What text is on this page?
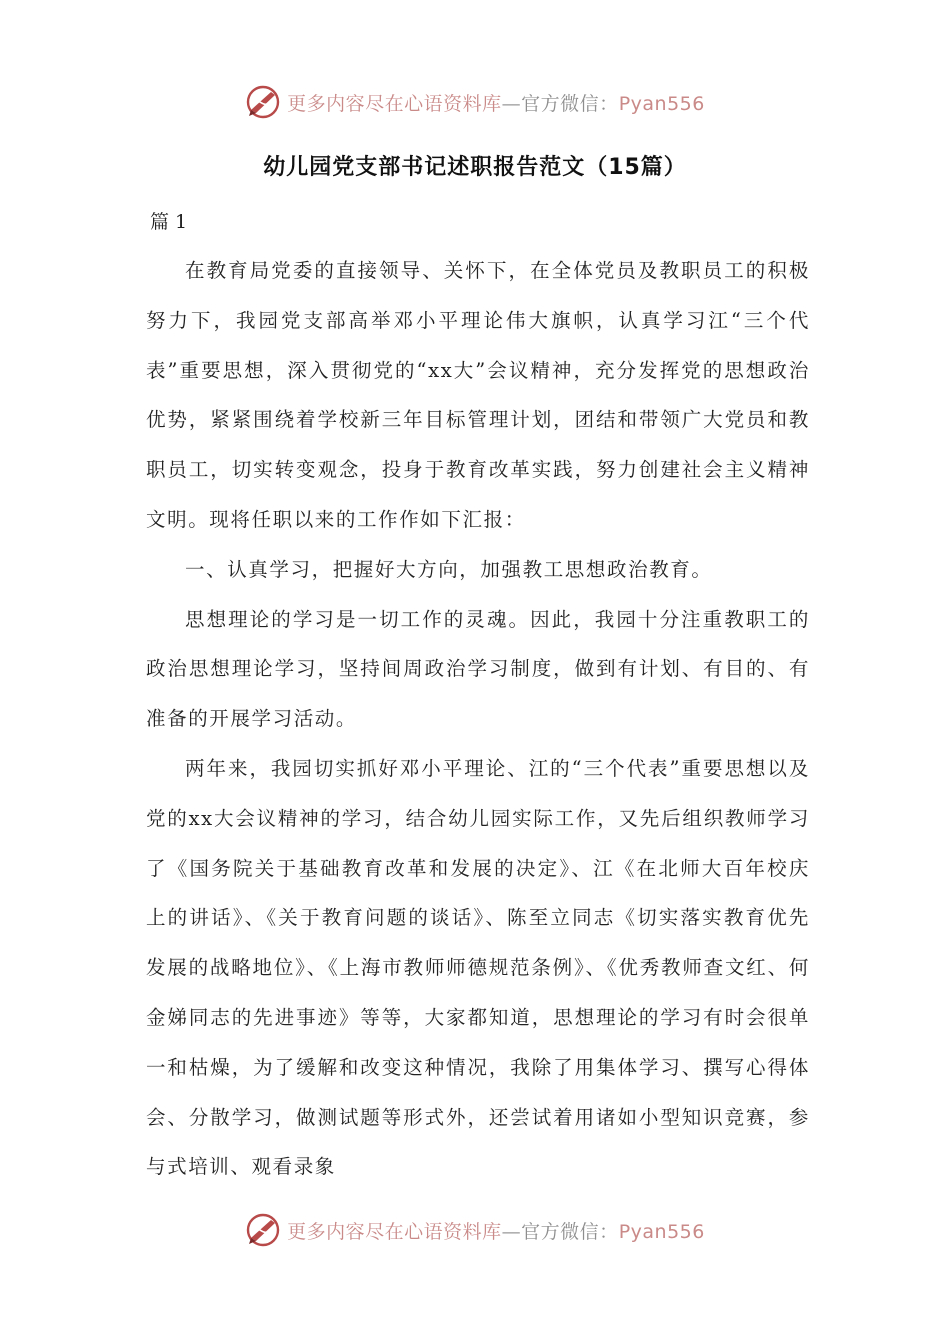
更多内容尽在心语资料库—官方微信：Pyan556
幼儿园党支部书记述职报告范文（15篇）
篇 1

在教育局党委的直接领导、关怀下，在全体党员及教职员工的积极努力下，我园党支部高举邓小平理论伟大旗帜，认真学习江“三个代表”重要思想，深入贯彻党的“xx大”会议精神，充分发挥党的思想政治优势，紧紧围绕着学校新三年目标管理计划，团结和带领广大党员和教职员工，切实转变观念，投身于教育改革实践，努力创建社会主义精神文明。现将任职以来的工作作如下汇报：

一、认真学习，把握好大方向，加强教工思想政治教育。

思想理论的学习是一切工作的灵魂。因此，我园十分注重教职工的政治思想理论学习，坚持间周政治学习制度，做到有计划、有目的、有准备的开展学习活动。

两年来，我园切实抓好邓小平理论、江的“三个代表”重要思想以及党的xx大会议精神的学习，结合幼儿园实际工作，又先后组织教师学习了《国务院关于基础教育改革和发展的决定》、江《在北师大百年校庆上的讲话》、《关于教育问题的谈话》、陈至立同志《切实落实教育优先发展的战略地位》、《上海市教师师德规范条例》、《优秀教师查文红、何金娣同志的先进事迹》等等，大家都知道，思想理论的学习有时会很单一和枯燥，为了缓解和改变这种情况，我除了用集体学习、撰写心得体会、分散学习，做测试题等形式外，还尝试着用诸如小型知识竞赛，参与式培训、观看录象

更多内容尽在心语资料库—官方微信：Pyan556
